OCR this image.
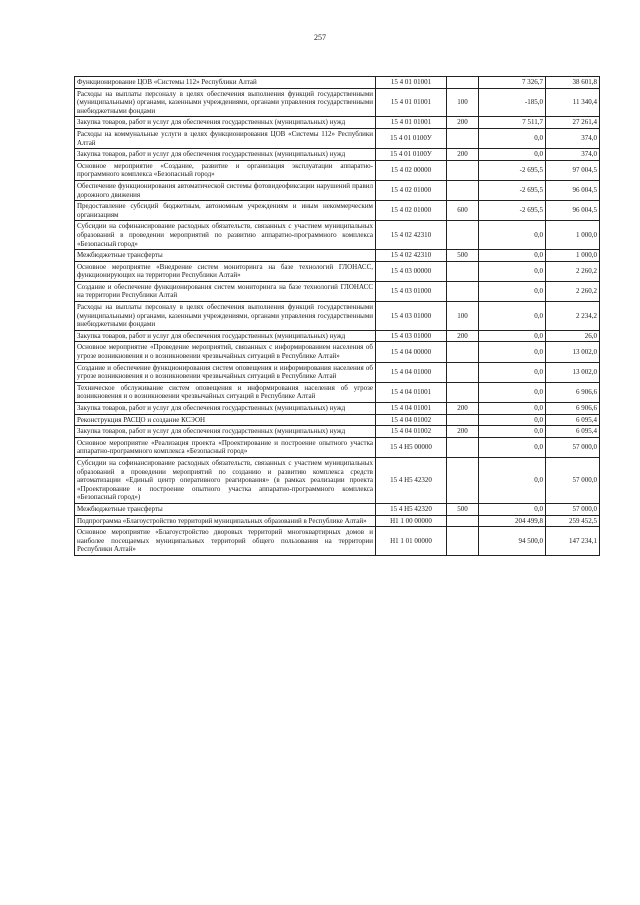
257
Функционирование ЦОВ «Системы 112» Республики Алтай	15 4 01 01001		7 326,7	38 601,8
Расходы на выплаты персоналу в целях обеспечения выполнения функций государственными (муниципальными) органами, казенными учреждениями, органами управления государственными внебюджетными фондами	15 4 01 01001	100	-185,0	11 340,4
Закупка товаров, работ и услуг для обеспечения государственных (муниципальных) нужд	15 4 01 01001	200	7 511,7	27 261,4
Расходы на коммунальные услуги в целях функционирования ЦОВ «Системы 112» Республики Алтай	15 4 01 0100У		0,0	374,0
Закупка товаров, работ и услуг для обеспечения государственных (муниципальных) нужд	15 4 01 0100У	200	0,0	374,0
Основное мероприятие «Создание, развитие и организация эксплуатации аппаратно-программного комплекса «Безопасный город»	15 4 02 00000		-2 695,5	97 004,5
Обеспечение функционирования автоматической системы фотовидеофиксации нарушений правил дорожного движения	15 4 02 01000		-2 695,5	96 004,5
Предоставление субсидий бюджетным, автономным учреждениям и иным некоммерческим организациям	15 4 02 01000	600	-2 695,5	96 004,5
Субсидии на софинансирование расходных обязательств, связанных с участием муниципальных образований в проведении мероприятий по развитию аппаратно-программного комплекса «Безопасный город»	15 4 02 42310		0,0	1 000,0
Межбюджетные трансферты	15 4 02 42310	500	0,0	1 000,0
Основное мероприятие «Внедрение систем мониторинга на базе технологий ГЛОНАСС, функционирующих на территории Республики Алтай»	15 4 03 00000		0,0	2 260,2
Создание и обеспечение функционирования систем мониторинга на базе технологий ГЛОНАСС на территории Республики Алтай	15 4 03 01000		0,0	2 260,2
Расходы на выплаты персоналу в целях обеспечения выполнения функций государственными (муниципальными) органами, казенными учреждениями, органами управления государственными внебюджетными фондами	15 4 03 01000	100	0,0	2 234,2
Закупка товаров, работ и услуг для обеспечения государственных (муниципальных) нужд	15 4 03 01000	200	0,0	26,0
Основное мероприятие «Проведение мероприятий, связанных с информированием населения об угрозе возникновения и о возникновении чрезвычайных ситуаций в Республике Алтай»	15 4 04 00000		0,0	13 002,0
Создание и обеспечение функционирования систем оповещения и информирования населения об угрозе возникновения и о возникновении чрезвычайных ситуаций в Республике Алтай	15 4 04 01000		0,0	13 002,0
Техническое обслуживание систем оповещения и информирования населения об угрозе возникновения и о возникновении чрезвычайных ситуаций в Республике Алтай	15 4 04 01001		0,0	6 906,6
Закупка товаров, работ и услуг для обеспечения государственных (муниципальных) нужд	15 4 04 01001	200	0,0	6 906,6
Реконструкция РАСЦО и создание КСЭОН	15 4 04 01002		0,0	6 095,4
Закупка товаров, работ и услуг для обеспечения государственных (муниципальных) нужд	15 4 04 01002	200	0,0	6 095,4
Основное мероприятие «Реализация проекта «Проектирование и построение опытного участка аппаратно-программного комплекса «Безопасный город»	15 4 Н5 00000		0,0	57 000,0
Субсидии на софинансирование расходных обязательств, связанных с участием муниципальных образований в проведении мероприятий по созданию и развитию комплекса средств автоматизации «Единый центр оперативного реагирования» (в рамках реализации проекта «Проектирование и построение опытного участка аппаратно-программного комплекса «Безопасный город»)	15 4 Н5 42320		0,0	57 000,0
Межбюджетные трансферты	15 4 Н5 42320	500	0,0	57 000,0
Подпрограмма «Благоустройство территорий муниципальных образований в Республике Алтай»	Н1 1 00 00000		204 499,8	259 452,5
Основное мероприятие «Благоустройство дворовых территорий многоквартирных домов и наиболее посещаемых муниципальных территорий общего пользования на территории Республики Алтай»	Н1 1 01 00000		94 500,0	147 234,1
